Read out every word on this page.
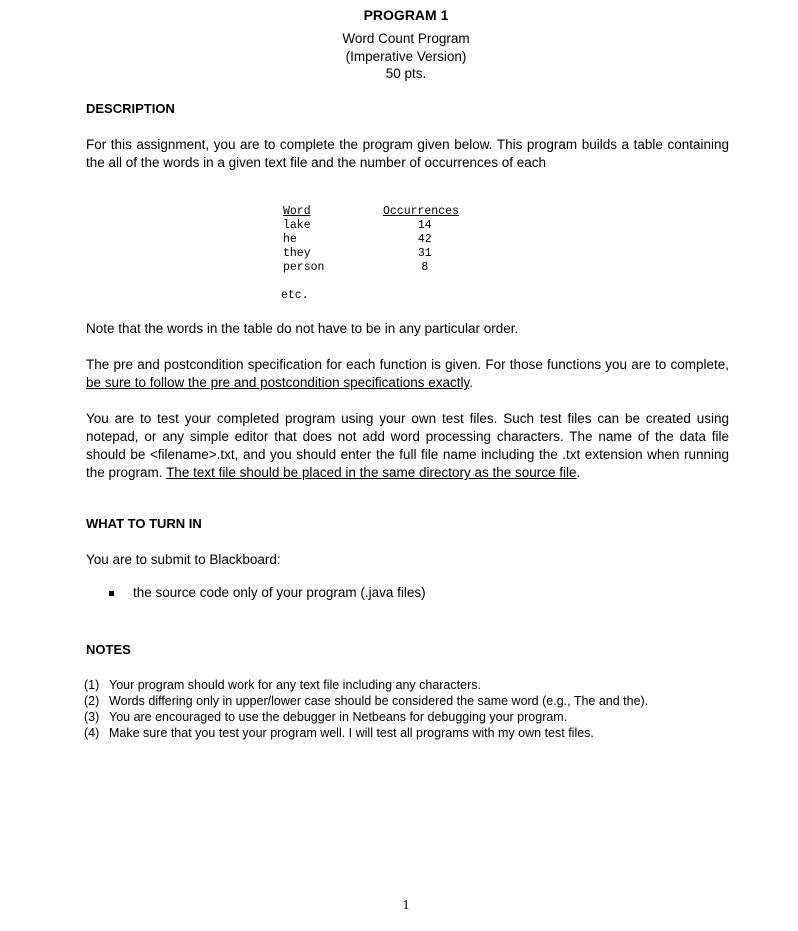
PROGRAM 1
Word Count Program
(Imperative Version)
50 pts.
DESCRIPTION
For this assignment, you are to complete the program given below. This program builds a table containing the all of the words in a given text file and the number of occurrences of each
Word	Occurrences
lake	14
he	42
they	31
person	8
etc.
Note that the words in the table do not have to be in any particular order.
The pre and postcondition specification for each function is given. For those functions you are to complete, be sure to follow the pre and postcondition specifications exactly.
You are to test your completed program using your own test files. Such test files can be created using notepad, or any simple editor that does not add word processing characters. The name of the data file should be <filename>.txt, and you should enter the full file name including the .txt extension when running the program. The text file should be placed in the same directory as the source file.
WHAT TO TURN IN
You are to submit to Blackboard:
the source code only of your program (.java files)
NOTES
(1) Your program should work for any text file including any characters.
(2) Words differing only in upper/lower case should be considered the same word (e.g., The and the).
(3) You are encouraged to use the debugger in Netbeans for debugging your program.
(4) Make sure that you test your program well. I will test all programs with my own test files.
1
